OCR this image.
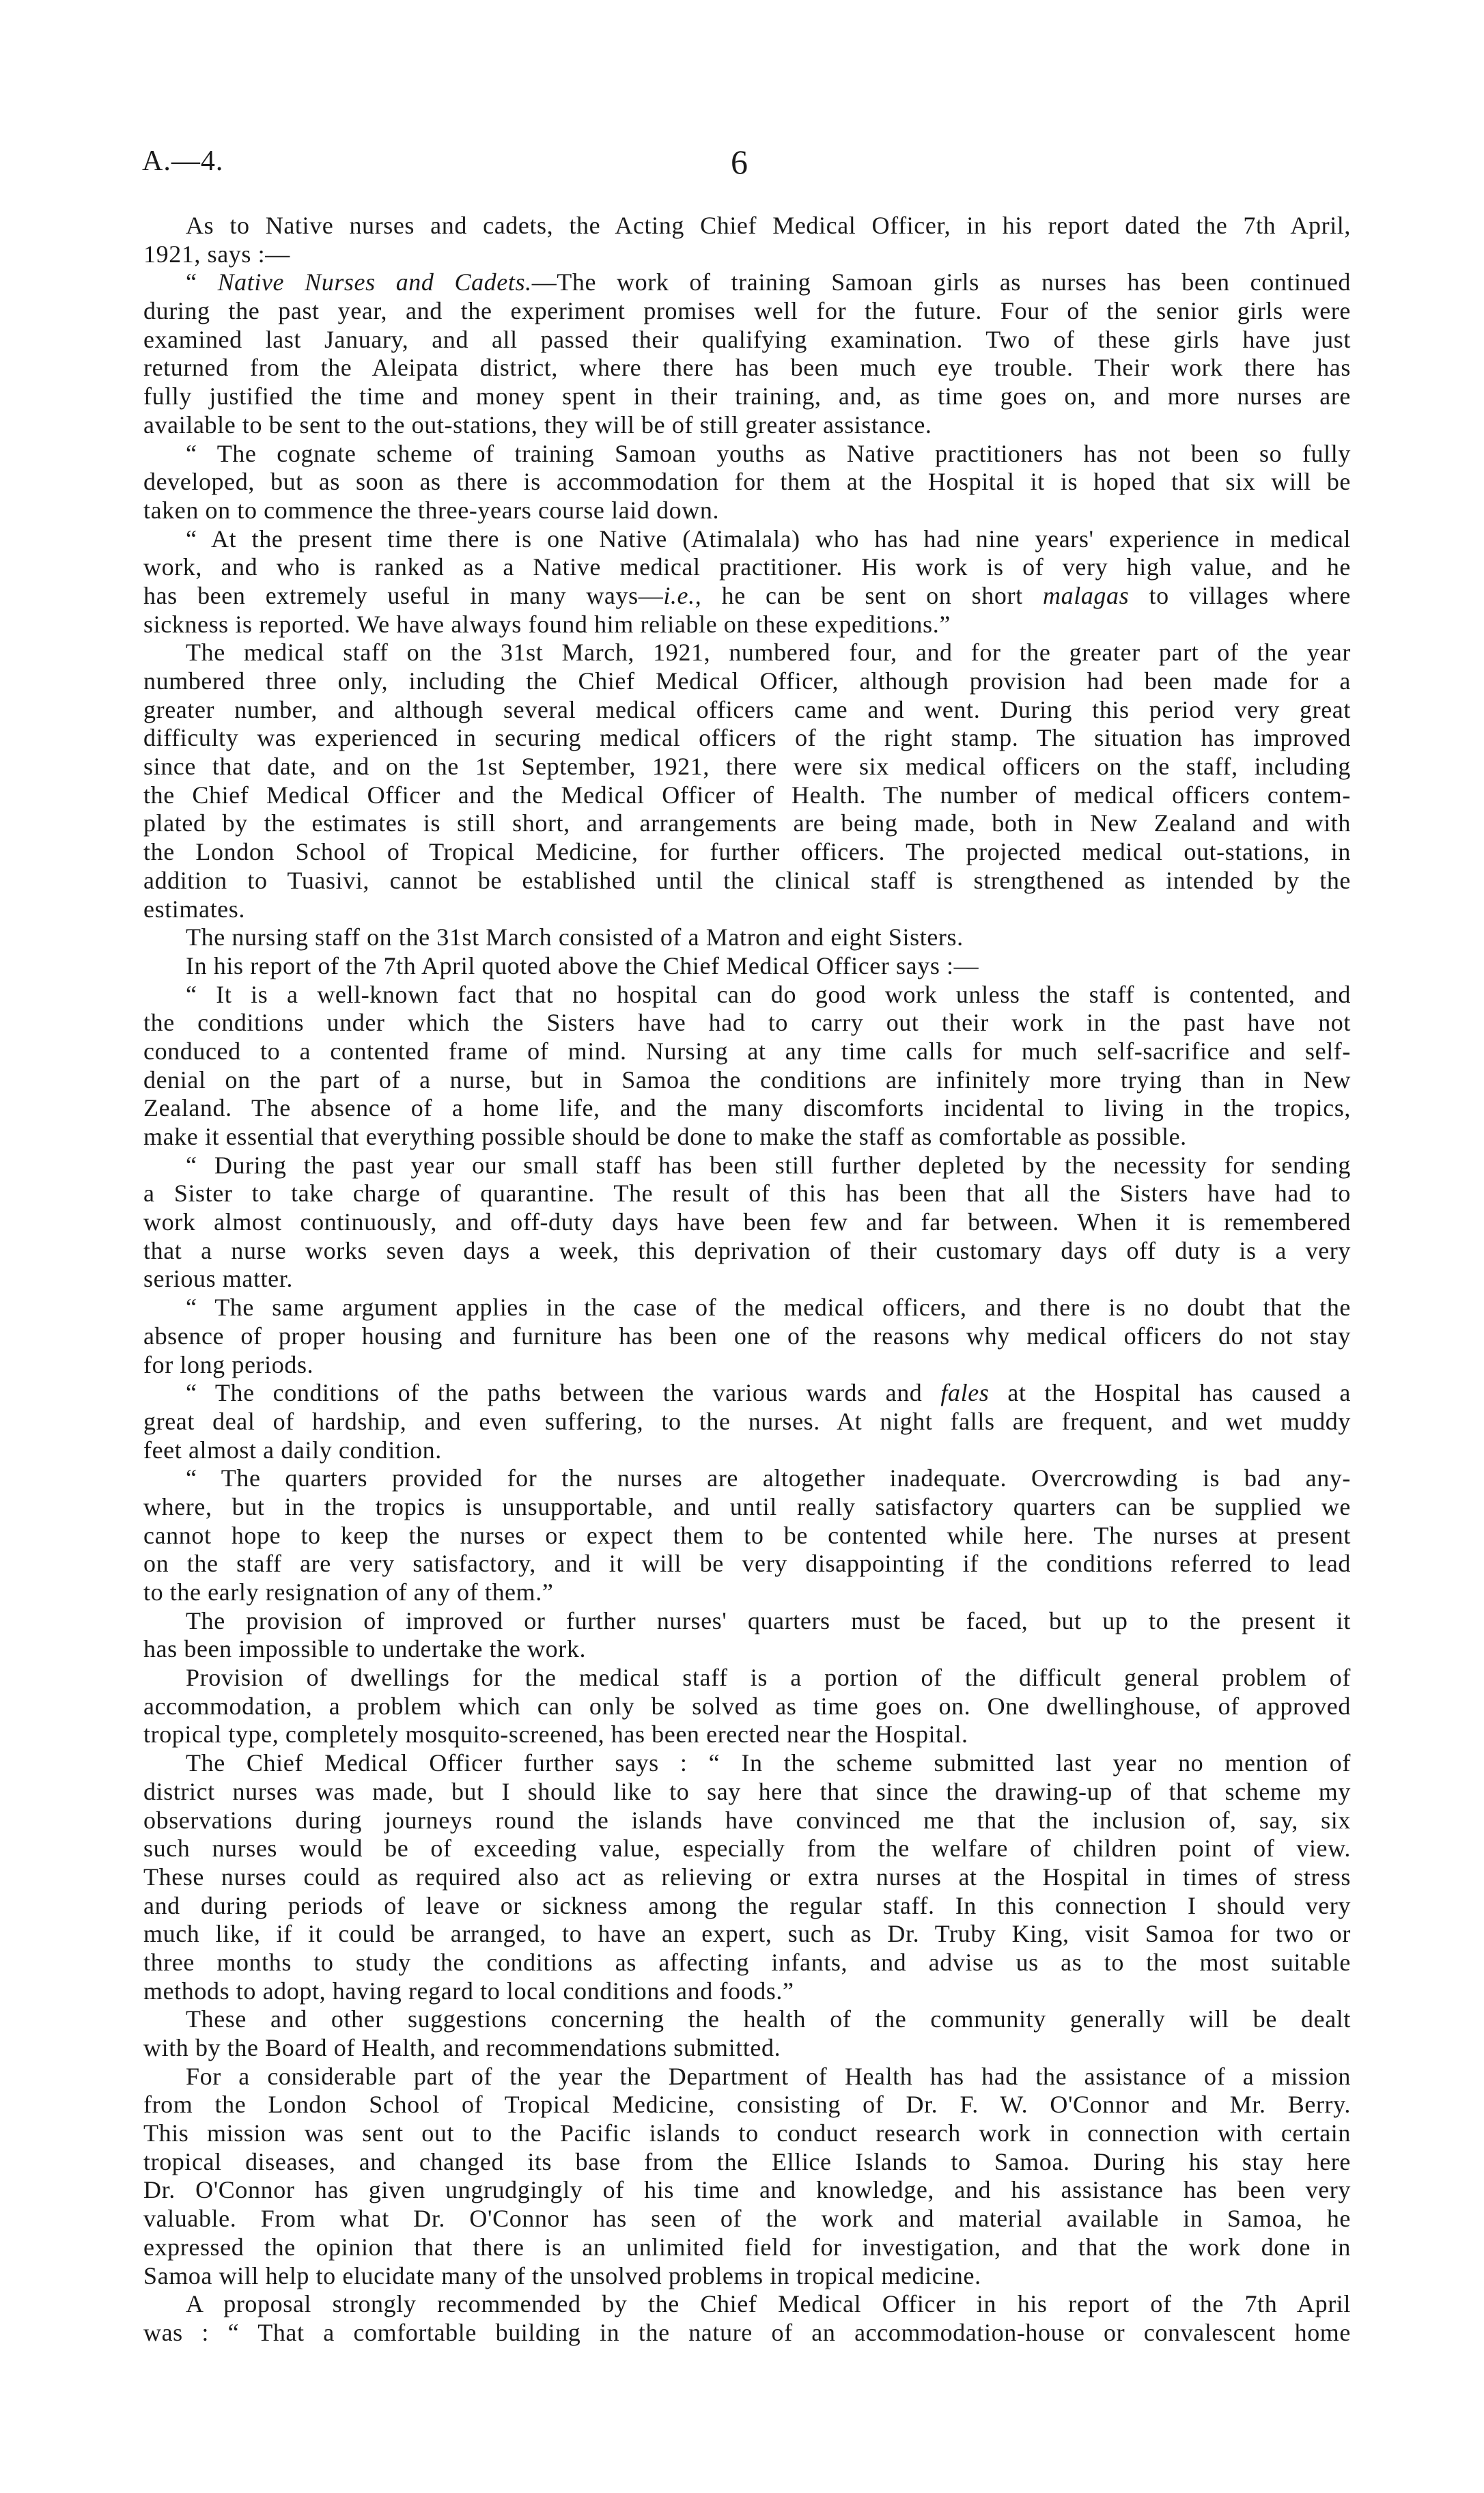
A.—4.	6
As to Native nurses and cadets, the Acting Chief Medical Officer, in his report dated the 7th April,
1921, says :—
“ Native Nurses and Cadets.—The work of training Samoan girls as nurses has been continued
during the past year, and the experiment promises well for the future. Four of the senior girls were
examined last January, and all passed their qualifying examination. Two of these girls have just
returned from the Aleipata district, where there has been much eye trouble. Their work there has
fully justified the time and money spent in their training, and, as time goes on, and more nurses are
available to be sent to the out-stations, they will be of still greater assistance.
“ The cognate scheme of training Samoan youths as Native practitioners has not been so fully
developed, but as soon as there is accommodation for them at the Hospital it is hoped that six will be
taken on to commence the three-years course laid down.
“ At the present time there is one Native (Atimalala) who has had nine years' experience in medical
work, and who is ranked as a Native medical practitioner. His work is of very high value, and he
has been extremely useful in many ways—i.e., he can be sent on short malagas to villages where
sickness is reported. We have always found him reliable on these expeditions.”
The medical staff on the 31st March, 1921, numbered four, and for the greater part of the year
numbered three only, including the Chief Medical Officer, although provision had been made for a
greater number, and although several medical officers came and went. During this period very great
difficulty was experienced in securing medical officers of the right stamp. The situation has improved
since that date, and on the 1st September, 1921, there were six medical officers on the staff, including
the Chief Medical Officer and the Medical Officer of Health. The number of medical officers contem-
plated by the estimates is still short, and arrangements are being made, both in New Zealand and with
the London School of Tropical Medicine, for further officers. The projected medical out-stations, in
addition to Tuasivi, cannot be established until the clinical staff is strengthened as intended by the
estimates.
The nursing staff on the 31st March consisted of a Matron and eight Sisters.
In his report of the 7th April quoted above the Chief Medical Officer says :—
“ It is a well-known fact that no hospital can do good work unless the staff is contented, and
the conditions under which the Sisters have had to carry out their work in the past have not
conduced to a contented frame of mind. Nursing at any time calls for much self-sacrifice and self-
denial on the part of a nurse, but in Samoa the conditions are infinitely more trying than in New
Zealand. The absence of a home life, and the many discomforts incidental to living in the tropics,
make it essential that everything possible should be done to make the staff as comfortable as possible.
“ During the past year our small staff has been still further depleted by the necessity for sending
a Sister to take charge of quarantine. The result of this has been that all the Sisters have had to
work almost continuously, and off-duty days have been few and far between. When it is remembered
that a nurse works seven days a week, this deprivation of their customary days off duty is a very
serious matter.
“ The same argument applies in the case of the medical officers, and there is no doubt that the
absence of proper housing and furniture has been one of the reasons why medical officers do not stay
for long periods.
“ The conditions of the paths between the various wards and fales at the Hospital has caused a
great deal of hardship, and even suffering, to the nurses. At night falls are frequent, and wet muddy
feet almost a daily condition.
“ The quarters provided for the nurses are altogether inadequate. Overcrowding is bad any-
where, but in the tropics is unsupportable, and until really satisfactory quarters can be supplied we
cannot hope to keep the nurses or expect them to be contented while here. The nurses at present
on the staff are very satisfactory, and it will be very disappointing if the conditions referred to lead
to the early resignation of any of them.”
The provision of improved or further nurses' quarters must be faced, but up to the present it
has been impossible to undertake the work.
Provision of dwellings for the medical staff is a portion of the difficult general problem of
accommodation, a problem which can only be solved as time goes on. One dwellinghouse, of approved
tropical type, completely mosquito-screened, has been erected near the Hospital.
The Chief Medical Officer further says : “ In the scheme submitted last year no mention of
district nurses was made, but I should like to say here that since the drawing-up of that scheme my
observations during journeys round the islands have convinced me that the inclusion of, say, six
such nurses would be of exceeding value, especially from the welfare of children point of view.
These nurses could as required also act as relieving or extra nurses at the Hospital in times of stress
and during periods of leave or sickness among the regular staff. In this connection I should very
much like, if it could be arranged, to have an expert, such as Dr. Truby King, visit Samoa for two or
three months to study the conditions as affecting infants, and advise us as to the most suitable
methods to adopt, having regard to local conditions and foods.”
These and other suggestions concerning the health of the community generally will be dealt
with by the Board of Health, and recommendations submitted.
For a considerable part of the year the Department of Health has had the assistance of a mission
from the London School of Tropical Medicine, consisting of Dr. F. W. O'Connor and Mr. Berry.
This mission was sent out to the Pacific islands to conduct research work in connection with certain
tropical diseases, and changed its base from the Ellice Islands to Samoa. During his stay here
Dr. O'Connor has given ungrudgingly of his time and knowledge, and his assistance has been very
valuable. From what Dr. O'Connor has seen of the work and material available in Samoa, he
expressed the opinion that there is an unlimited field for investigation, and that the work done in
Samoa will help to elucidate many of the unsolved problems in tropical medicine.
A proposal strongly recommended by the Chief Medical Officer in his report of the 7th April
was : “ That a comfortable building in the nature of an accommodation-house or convalescent home
